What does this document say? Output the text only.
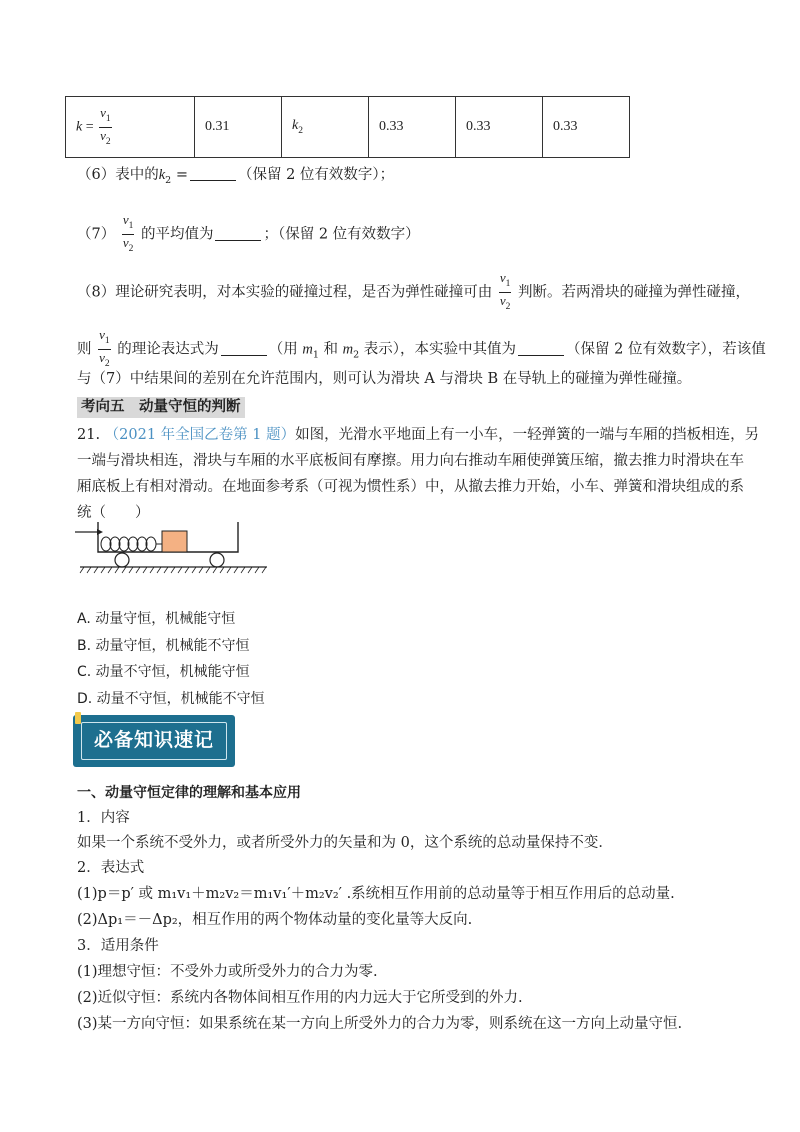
$k = \frac{v_1}{v_2}$	0.31	$k_2$	0.33	0.33	0.33
（6）表中的$k_2$ =	（保留 2 位有效数字）；
$(7) \frac{v_1}{v_2}$ 的平均值为	；（保留 2 位有效数字）
（8）理论研究表明，对本实验的碰撞过程，是否为弹性碰撞可由 $\frac{v_1}{v_2}$ 判断。若两滑块的碰撞为弹性碰撞，
则 $\frac{v_1}{v_2}$ 的理论表达式为	（用 $m_1$ 和 $m_2$ 表示），本实验中其值为	（保留 2 位有效数字），若该值
与（7）中结果间的差别在允许范围内，则可认为滑块 A 与滑块 B 在导轨上的碰撞为弹性碰撞。
考向五　动量守恒的判断
21. （2021 年全国乙卷第 1 题）如图，光滑水平地面上有一小车，一轻弹簧的一端与车厢的挡板相连，另
一端与滑块相连，滑块与车厢的水平底板间有摩擦。用力向右推动车厢使弹簧压缩，撤去推力时滑块在车
厢底板上有相对滑动。在地面参考系（可视为惯性系）中，从撤去推力开始，小车、弹簧和滑块组成的系
统（　　）
A. 动量守恒，机械能守恒
B. 动量守恒，机械能不守恒
C. 动量不守恒，机械能守恒
D. 动量不守恒，机械能不守恒
必备知识速记
一、动量守恒定律的理解和基本应用
1．内容
如果一个系统不受外力，或者所受外力的矢量和为 0，这个系统的总动量保持不变．
2．表达式
(1)p＝p′ 或 m₁v₁＋m₂v₂＝m₁v₁′＋m₂v₂′ .系统相互作用前的总动量等于相互作用后的总动量.
(2)Δp₁＝－Δp₂，相互作用的两个物体动量的变化量等大反向.
3．适用条件
(1)理想守恒：不受外力或所受外力的合力为零.
(2)近似守恒：系统内各物体间相互作用的内力远大于它所受到的外力.
(3)某一方向守恒：如果系统在某一方向上所受外力的合力为零，则系统在这一方向上动量守恒.
